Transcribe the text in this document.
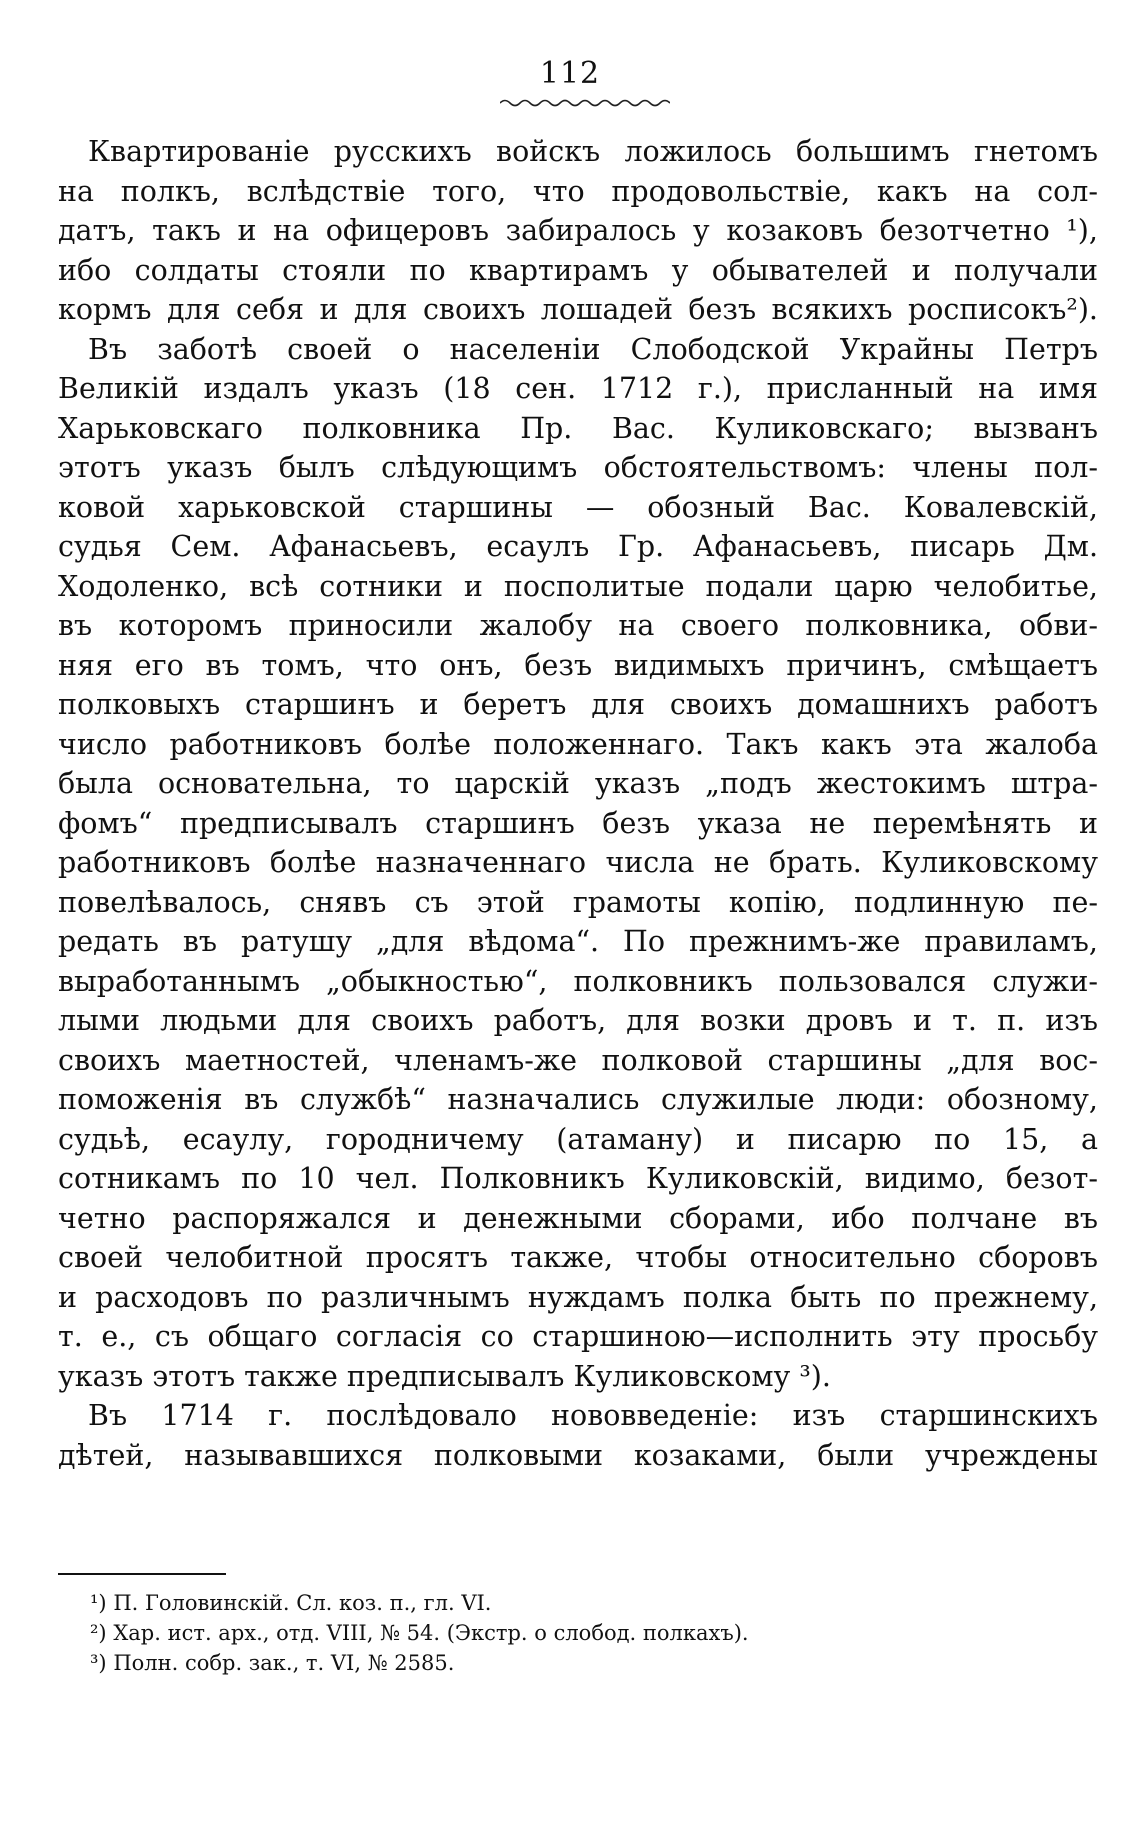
112
Квартированіе русскихъ войскъ ложилось большимъ гнетомъ
на полкъ, вслѣдствіе того, что продовольствіе, какъ на сол-
датъ, такъ и на офицеровъ забиралось у козаковъ безотчетно ¹),
ибо солдаты стояли по квартирамъ у обывателей и получали
кормъ для себя и для своихъ лошадей безъ всякихъ росписокъ²).
Въ заботѣ своей о населеніи Слободской Украйны Петръ
Великій издалъ указъ (18 сен. 1712 г.), присланный на имя
Харьковскаго полковника Пр. Вас. Куликовскаго; вызванъ
этотъ указъ былъ слѣдующимъ обстоятельствомъ: члены пол-
ковой харьковской старшины — обозный Вас. Ковалевскій,
судья Сем. Афанасьевъ, есаулъ Гр. Афанасьевъ, писарь Дм.
Ходоленко, всѣ сотники и посполитые подали царю челобитье,
въ которомъ приносили жалобу на своего полковника, обви-
няя его въ томъ, что онъ, безъ видимыхъ причинъ, смѣщаетъ
полковыхъ старшинъ и беретъ для своихъ домашнихъ работъ
число работниковъ болѣе положеннаго. Такъ какъ эта жалоба
была основательна, то царскій указъ „подъ жестокимъ штра-
фомъ“ предписывалъ старшинъ безъ указа не перемѣнять и
работниковъ болѣе назначеннаго числа не брать. Куликовскому
повелѣвалось, снявъ съ этой грамоты копію, подлинную пе-
редать въ ратушу „для вѣдома“. По прежнимъ-же правиламъ,
выработаннымъ „обыкностью“, полковникъ пользовался служи-
лыми людьми для своихъ работъ, для возки дровъ и т. п. изъ
своихъ маетностей, членамъ-же полковой старшины „для вос-
поможенія въ службѣ“ назначались служилые люди: обозному,
судьѣ, есаулу, городничему (атаману) и писарю по 15, а
сотникамъ по 10 чел. Полковникъ Куликовскій, видимо, безот-
четно распоряжался и денежными сборами, ибо полчане въ
своей челобитной просятъ также, чтобы относительно сборовъ
и расходовъ по различнымъ нуждамъ полка быть по прежнему,
т. е., съ общаго согласія со старшиною—исполнить эту просьбу
указъ этотъ также предписывалъ Куликовскому ³).
Въ 1714 г. послѣдовало нововведеніе: изъ старшинскихъ
дѣтей, называвшихся полковыми козаками, были учреждены
¹) П. Головинскій. Сл. коз. п., гл. VI.
²) Хар. ист. арх., отд. VIII, № 54. (Экстр. о слобод. полкахъ).
³) Полн. собр. зак., т. VI, № 2585.
